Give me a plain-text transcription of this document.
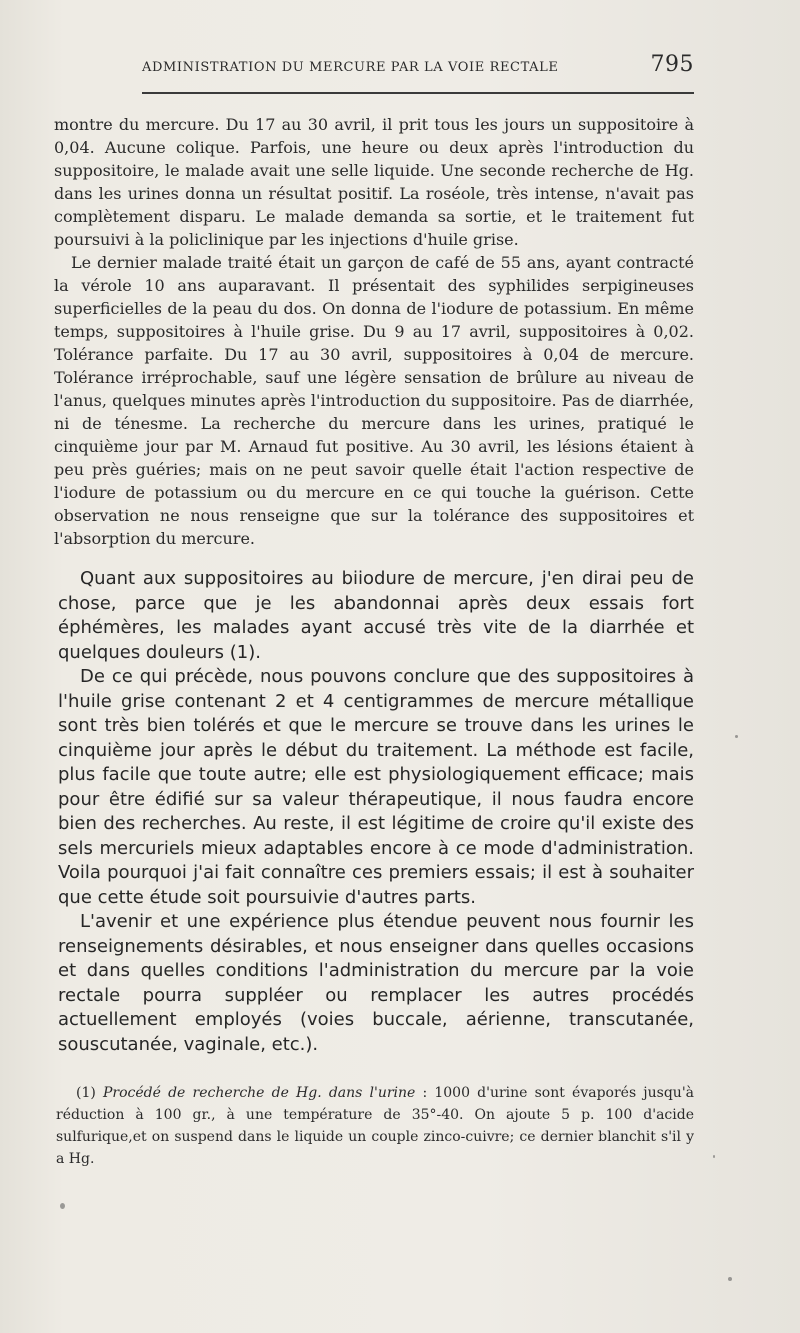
ADMINISTRATION DU MERCURE PAR LA VOIE RECTALE	795

montre du mercure. Du 17 au 30 avril, il prit tous les jours un suppositoire à 0,04. Aucune colique. Parfois, une heure ou deux après l'introduction du suppositoire, le malade avait une selle liquide. Une seconde recherche de Hg. dans les urines donna un résultat positif. La roséole, très intense, n'avait pas complètement disparu. Le malade demanda sa sortie, et le traitement fut poursuivi à la policlinique par les injections d'huile grise.

Le dernier malade traité était un garçon de café de 55 ans, ayant contracté la vérole 10 ans auparavant. Il présentait des syphilides serpigineuses superficielles de la peau du dos. On donna de l'iodure de potassium. En même temps, suppositoires à l'huile grise. Du 9 au 17 avril, suppositoires à 0,02. Tolérance parfaite. Du 17 au 30 avril, suppositoires à 0,04 de mercure. Tolérance irréprochable, sauf une légère sensation de brûlure au niveau de l'anus, quelques minutes après l'introduction du suppositoire. Pas de diarrhée, ni de ténesme. La recherche du mercure dans les urines, pratiqué le cinquième jour par M. Arnaud fut positive. Au 30 avril, les lésions étaient à peu près guéries; mais on ne peut savoir quelle était l'action respective de l'iodure de potassium ou du mercure en ce qui touche la guérison. Cette observation ne nous renseigne que sur la tolérance des suppositoires et l'absorption du mercure.

Quant aux suppositoires au biiodure de mercure, j'en dirai peu de chose, parce que je les abandonnai après deux essais fort éphémères, les malades ayant accusé très vite de la diarrhée et quelques douleurs (1).

De ce qui précède, nous pouvons conclure que des suppositoires à l'huile grise contenant 2 et 4 centigrammes de mercure métallique sont très bien tolérés et que le mercure se trouve dans les urines le cinquième jour après le début du traitement. La méthode est facile, plus facile que toute autre; elle est physiologiquement efficace; mais pour être édifié sur sa valeur thérapeutique, il nous faudra encore bien des recherches. Au reste, il est légitime de croire qu'il existe des sels mercuriels mieux adaptables encore à ce mode d'administration. Voila pourquoi j'ai fait connaître ces premiers essais; il est à souhaiter que cette étude soit poursuivie d'autres parts.

L'avenir et une expérience plus étendue peuvent nous fournir les renseignements désirables, et nous enseigner dans quelles occasions et dans quelles conditions l'administration du mercure par la voie rectale pourra suppléer ou remplacer les autres procédés actuellement employés (voies buccale, aérienne, transcutanée, souscutanée, vaginale, etc.).

(1) Procédé de recherche de Hg. dans l'urine : 1000 d'urine sont évaporés jusqu'à réduction à 100 gr., à une température de 35°-40. On ajoute 5 p. 100 d'acide sulfurique,et on suspend dans le liquide un couple zinco-cuivre; ce dernier blanchit s'il y a Hg.
